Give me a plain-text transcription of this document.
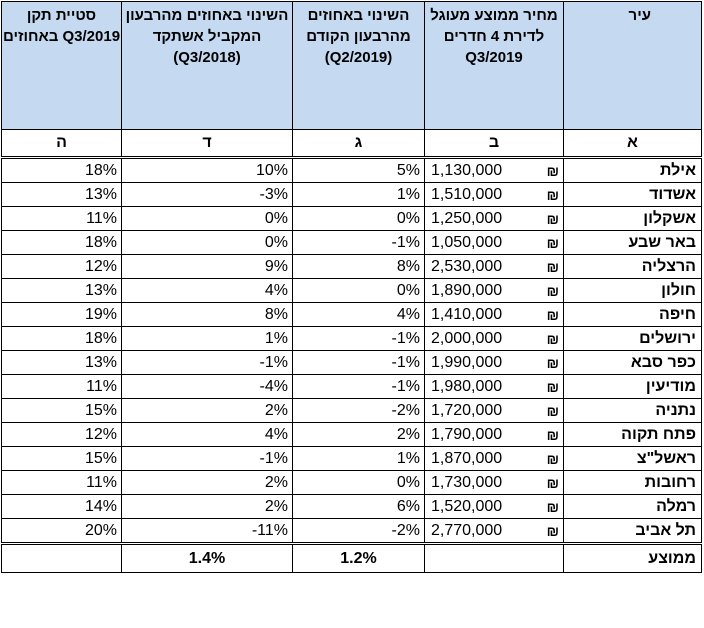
סטיית תקן באחוזים Q3/2019	השינוי באחוזים מהרבעון המקביל אשתקד (Q3/2018)	השינוי באחוזים מהרבעון הקודם (Q2/2019)	מחיר ממוצע מעוגל לדירת 4 חדרים Q3/2019	עיר
ה	ד	ג	ב	א
18%	10%	5%	1,130,000 ₪	אילת
13%	-3%	1%	1,510,000 ₪	אשדוד
11%	0%	0%	1,250,000 ₪	אשקלון
18%	0%	-1%	1,050,000 ₪	באר שבע
12%	9%	8%	2,530,000 ₪	הרצליה
13%	4%	0%	1,890,000 ₪	חולון
19%	8%	4%	1,410,000 ₪	חיפה
18%	1%	-1%	2,000,000 ₪	ירושלים
13%	-1%	-1%	1,990,000 ₪	כפר סבא
11%	-4%	-1%	1,980,000 ₪	מודיעין
15%	2%	-2%	1,720,000 ₪	נתניה
12%	4%	2%	1,790,000 ₪	פתח תקוה
15%	-1%	1%	1,870,000 ₪	ראשל"צ
11%	2%	0%	1,730,000 ₪	רחובות
14%	2%	6%	1,520,000 ₪	רמלה
20%	-11%	-2%	2,770,000 ₪	תל אביב
	1.4%	1.2%		ממוצע
